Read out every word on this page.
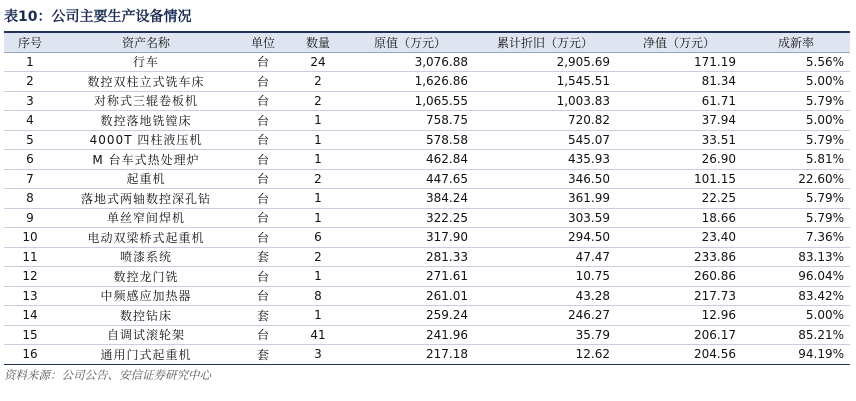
表10：公司主要生产设备情况
序号	资产名称	单位	数量	原值（万元）	累计折旧（万元）	净值（万元）	成新率
1	行车	台	24	3,076.88	2,905.69	171.19	5.56%
2	数控双柱立式铣车床	台	2	1,626.86	1,545.51	81.34	5.00%
3	对称式三辊卷板机	台	2	1,065.55	1,003.83	61.71	5.79%
4	数控落地铣镗床	台	1	758.75	720.82	37.94	5.00%
5	4000T 四柱液压机	台	1	578.58	545.07	33.51	5.79%
6	M 台车式热处理炉	台	1	462.84	435.93	26.90	5.81%
7	起重机	台	2	447.65	346.50	101.15	22.60%
8	落地式两轴数控深孔钻	台	1	384.24	361.99	22.25	5.79%
9	单丝窄间焊机	台	1	322.25	303.59	18.66	5.79%
10	电动双梁桥式起重机	台	6	317.90	294.50	23.40	7.36%
11	喷漆系统	套	2	281.33	47.47	233.86	83.13%
12	数控龙门铣	台	1	271.61	10.75	260.86	96.04%
13	中频感应加热器	台	8	261.01	43.28	217.73	83.42%
14	数控钻床	套	1	259.24	246.27	12.96	5.00%
15	自调试滚轮架	台	41	241.96	35.79	206.17	85.21%
16	通用门式起重机	套	3	217.18	12.62	204.56	94.19%
资料来源：公司公告、安信证券研究中心
